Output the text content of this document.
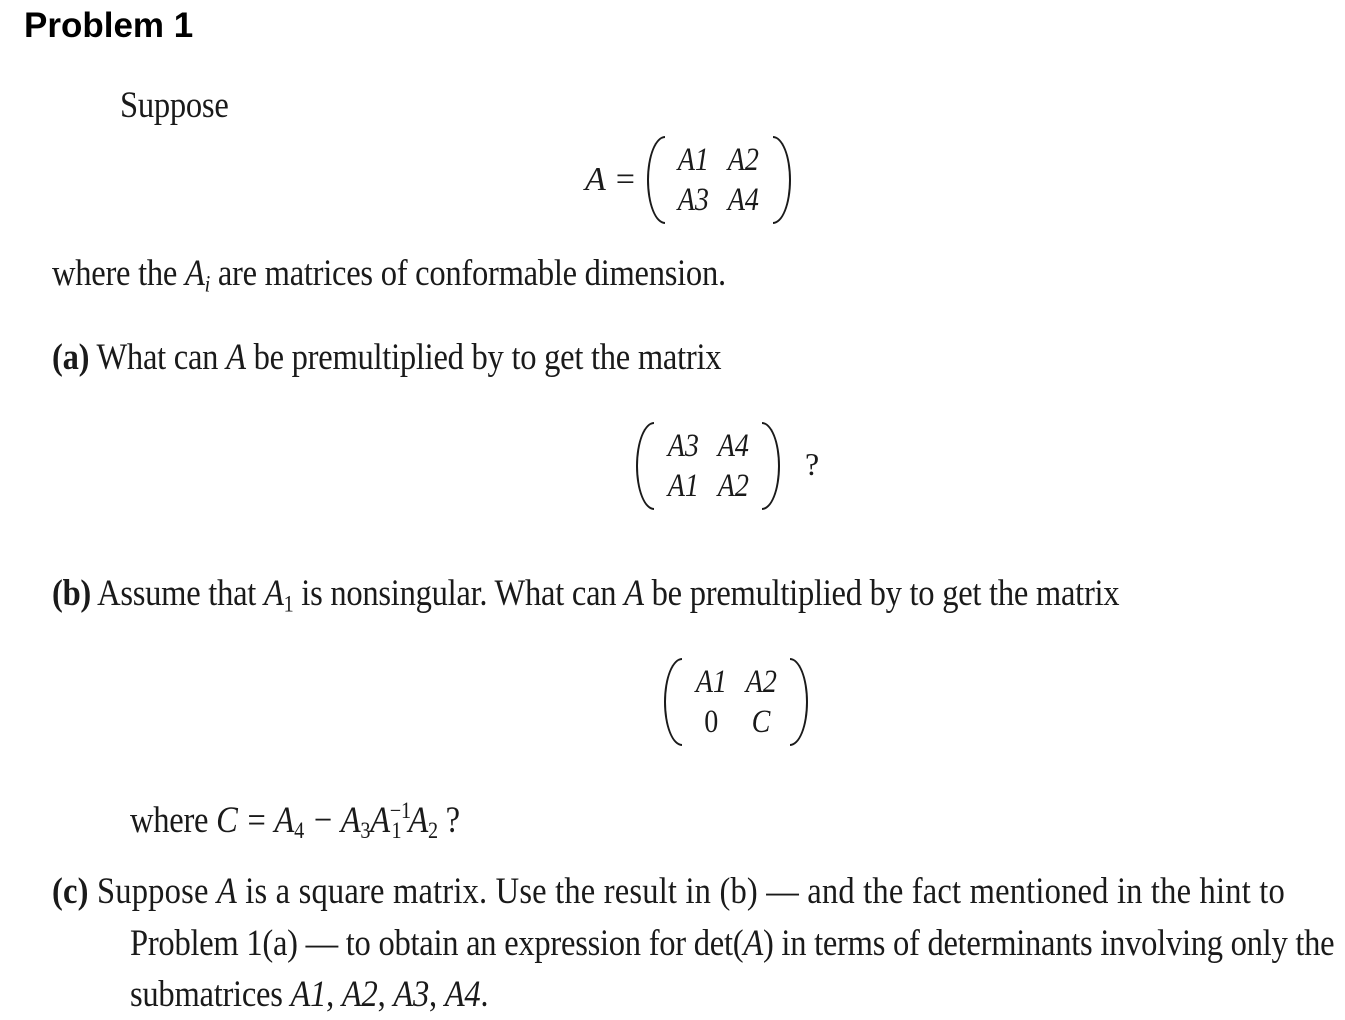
Problem 1
Suppose
A =
A1 A2
A3 A4
where the $A_i$ are matrices of conformable dimension.
(a) What can A be premultiplied by to get the matrix
A3 A4
A1 A2
?
(b) Assume that $A_1$ is nonsingular. What can A be premultiplied by to get the matrix
A1 A2
0 C
where $C = A_4 - A_3A^{-1}_1$ $A_2$ ?
(c) Suppose A is a square matrix. Use the result in (b) — and the fact mentioned in the hint to
Problem 1(a) — to obtain an expression for det(A) in terms of determinants involving only the
submatrices A1, A2, A3, A4.
